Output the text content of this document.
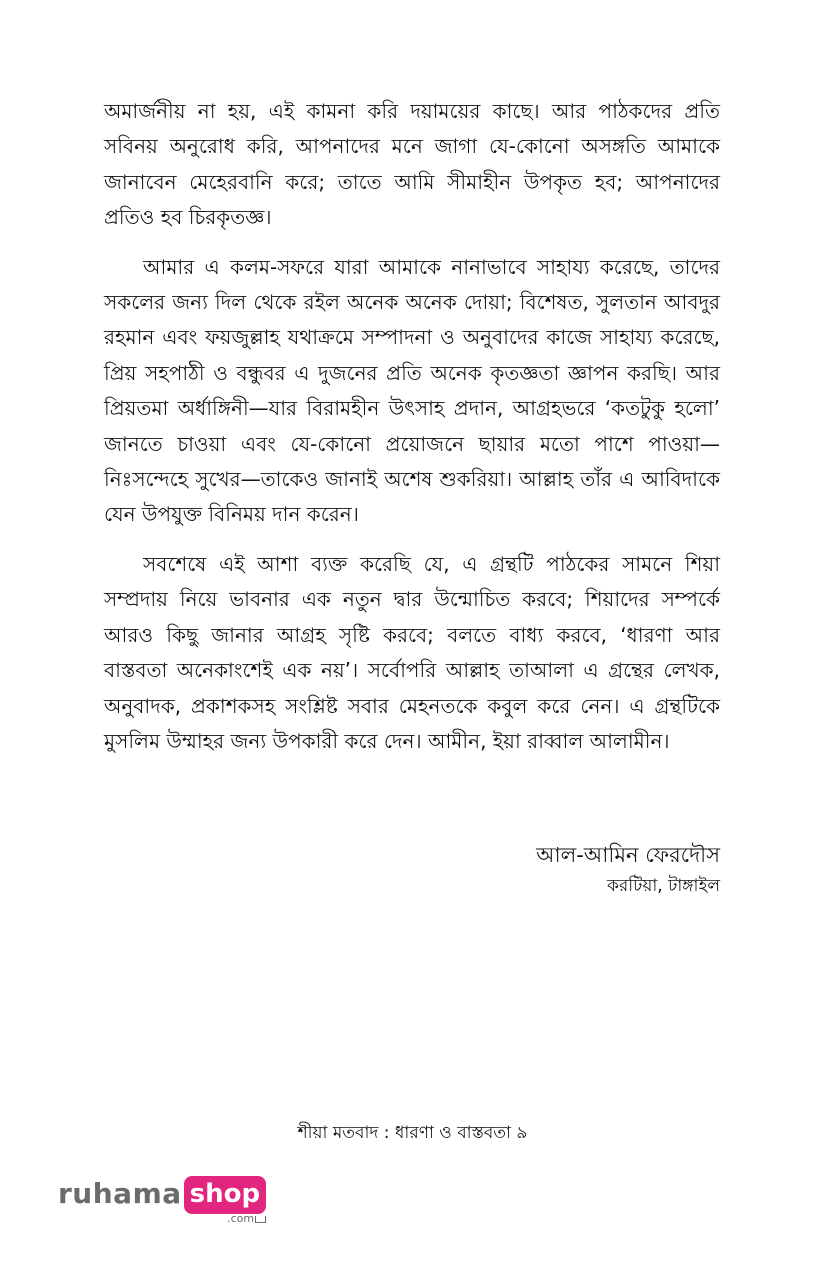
অমার্জনীয় না হয়, এই কামনা করি দয়াময়ের কাছে। আর পাঠকদের প্রতি সবিনয় অনুরোধ করি, আপনাদের মনে জাগা যে-কোনো অসঙ্গতি আমাকে জানাবেন মেহেরবানি করে; তাতে আমি সীমাহীন উপকৃত হব; আপনাদের প্রতিও হব চিরকৃতজ্ঞ।

আমার এ কলম-সফরে যারা আমাকে নানাভাবে সাহায্য করেছে, তাদের সকলের জন্য দিল থেকে রইল অনেক অনেক দোয়া; বিশেষত, সুলতান আবদুর রহমান এবং ফয়জুল্লাহ যথাক্রমে সম্পাদনা ও অনুবাদের কাজে সাহায্য করেছে, প্রিয় সহপাঠী ও বন্ধুবর এ দুজনের প্রতি অনেক কৃতজ্ঞতা জ্ঞাপন করছি। আর প্রিয়তমা অর্ধাঙ্গিনী—যার বিরামহীন উৎসাহ প্রদান, আগ্রহভরে ‘কতটুকু হলো’ জানতে চাওয়া এবং যে-কোনো প্রয়োজনে ছায়ার মতো পাশে পাওয়া—নিঃসন্দেহে সুখের—তাকেও জানাই অশেষ শুকরিয়া। আল্লাহ তাঁর এ আবিদাকে যেন উপযুক্ত বিনিময় দান করেন।

সবশেষে এই আশা ব্যক্ত করেছি যে, এ গ্রন্থটি পাঠকের সামনে শিয়া সম্প্রদায় নিয়ে ভাবনার এক নতুন দ্বার উন্মোচিত করবে; শিয়াদের সম্পর্কে আরও কিছু জানার আগ্রহ সৃষ্টি করবে; বলতে বাধ্য করবে, ‘ধারণা আর বাস্তবতা অনেকাংশেই এক নয়’। সর্বোপরি আল্লাহ তাআলা এ গ্রন্থের লেখক, অনুবাদক, প্রকাশকসহ সংশ্লিষ্ট সবার মেহনতকে কবুল করে নেন। এ গ্রন্থটিকে মুসলিম উম্মাহর জন্য উপকারী করে দেন। আমীন, ইয়া রাব্বাল আলামীন।

আল-আমিন ফেরদৌস
করটিয়া, টাঙ্গাইল
শীয়া মতবাদ : ধারণা ও বাস্তবতা ৯
ruhama shop
.com
